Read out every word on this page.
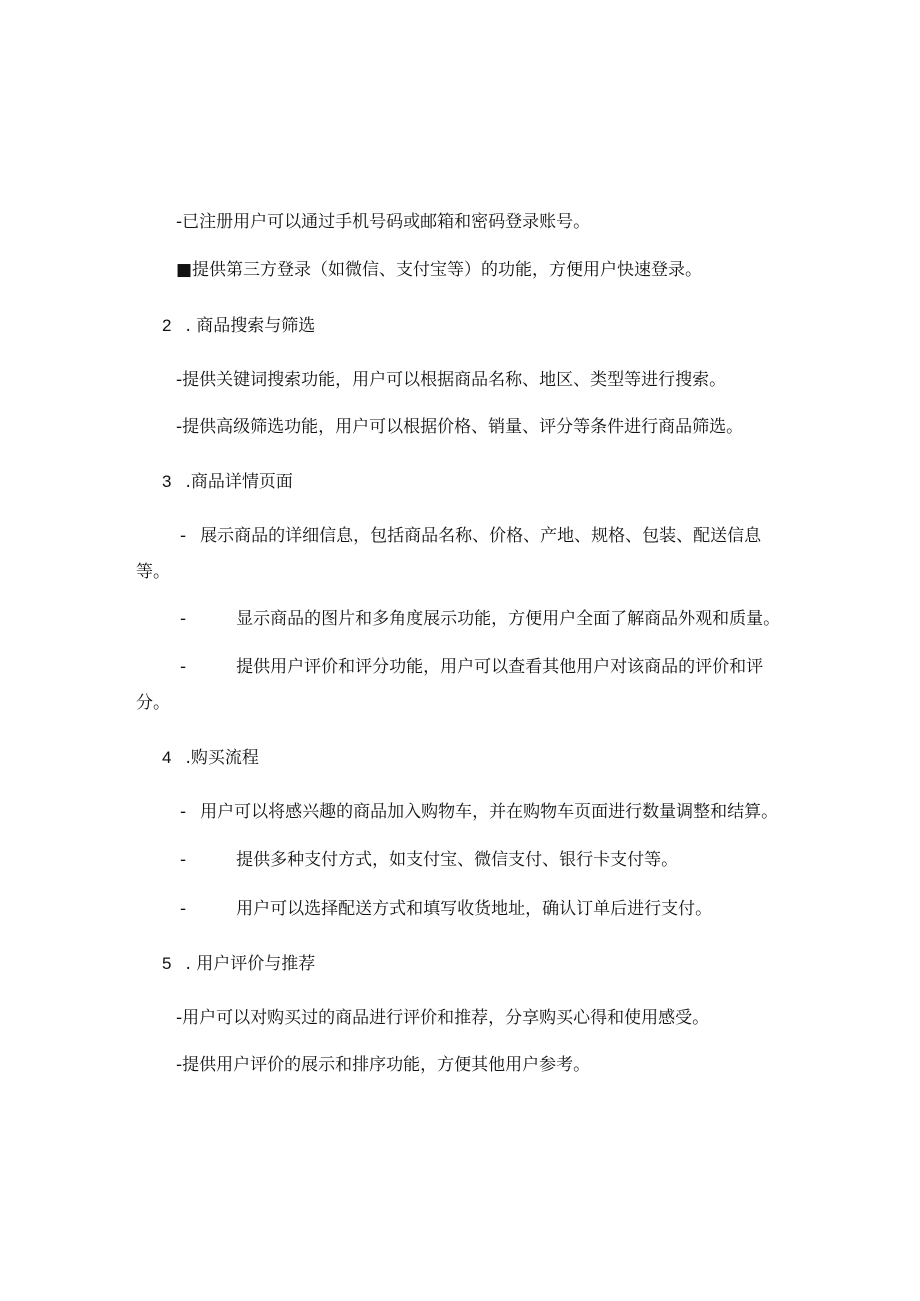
-已注册用户可以通过手机号码或邮箱和密码登录账号。
■提供第三方登录（如微信、支付宝等）的功能，方便用户快速登录。
2 . 商品搜索与筛选
-提供关键词搜索功能，用户可以根据商品名称、地区、类型等进行搜索。
-提供高级筛选功能，用户可以根据价格、销量、评分等条件进行商品筛选。
3 .商品详情页面
- 展示商品的详细信息，包括商品名称、价格、产地、规格、包装、配送信息
等。
-	显示商品的图片和多角度展示功能，方便用户全面了解商品外观和质量。
-	提供用户评价和评分功能，用户可以查看其他用户对该商品的评价和评
分。
4 .购买流程
- 用户可以将感兴趣的商品加入购物车，并在购物车页面进行数量调整和结算。
-	提供多种支付方式，如支付宝、微信支付、银行卡支付等。
-	用户可以选择配送方式和填写收货地址，确认订单后进行支付。
5 . 用户评价与推荐
-用户可以对购买过的商品进行评价和推荐，分享购买心得和使用感受。
-提供用户评价的展示和排序功能，方便其他用户参考。
